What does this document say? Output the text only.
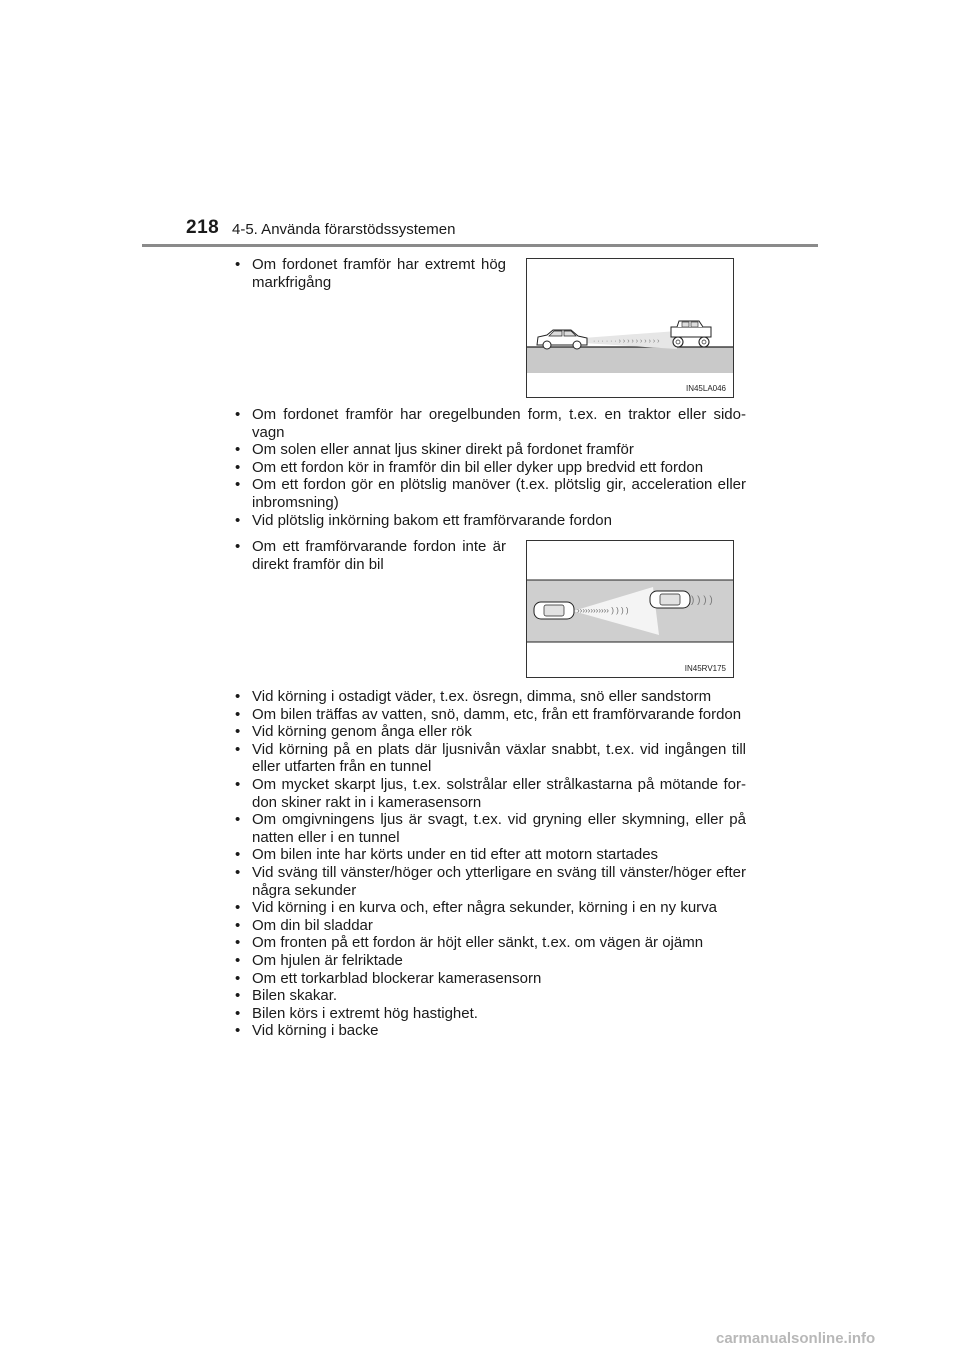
218 4-5. Använda förarstödssystemen
• Om fordonet framför har extremt hög markfrigång
· · · · · · › › › › › › › › › ›
IN45LA046
• Om fordonet framför har oregelbunden form, t.ex. en traktor eller sido-vagn
• Om solen eller annat ljus skiner direkt på fordonet framför
• Om ett fordon kör in framför din bil eller dyker upp bredvid ett fordon
• Om ett fordon gör en plötslig manöver (t.ex. plötslig gir, acceleration eller inbromsning)
• Vid plötslig inkörning bakom ett framförvarande fordon
• Om ett framförvarande fordon inte är direkt framför din bil
›››››››››››› ) ) ) )
) ) ) )
IN45RV175
• Vid körning i ostadigt väder, t.ex. ösregn, dimma, snö eller sandstorm
• Om bilen träffas av vatten, snö, damm, etc, från ett framförvarande fordon
• Vid körning genom ånga eller rök
• Vid körning på en plats där ljusnivån växlar snabbt, t.ex. vid ingången till eller utfarten från en tunnel
• Om mycket skarpt ljus, t.ex. solstrålar eller strålkastarna på mötande for-don skiner rakt in i kamerasensorn
• Om omgivningens ljus är svagt, t.ex. vid gryning eller skymning, eller på natten eller i en tunnel
• Om bilen inte har körts under en tid efter att motorn startades
• Vid sväng till vänster/höger och ytterligare en sväng till vänster/höger efter några sekunder
• Vid körning i en kurva och, efter några sekunder, körning i en ny kurva
• Om din bil sladdar
• Om fronten på ett fordon är höjt eller sänkt, t.ex. om vägen är ojämn
• Om hjulen är felriktade
• Om ett torkarblad blockerar kamerasensorn
• Bilen skakar.
• Bilen körs i extremt hög hastighet.
• Vid körning i backe
carmanualsonline.info
